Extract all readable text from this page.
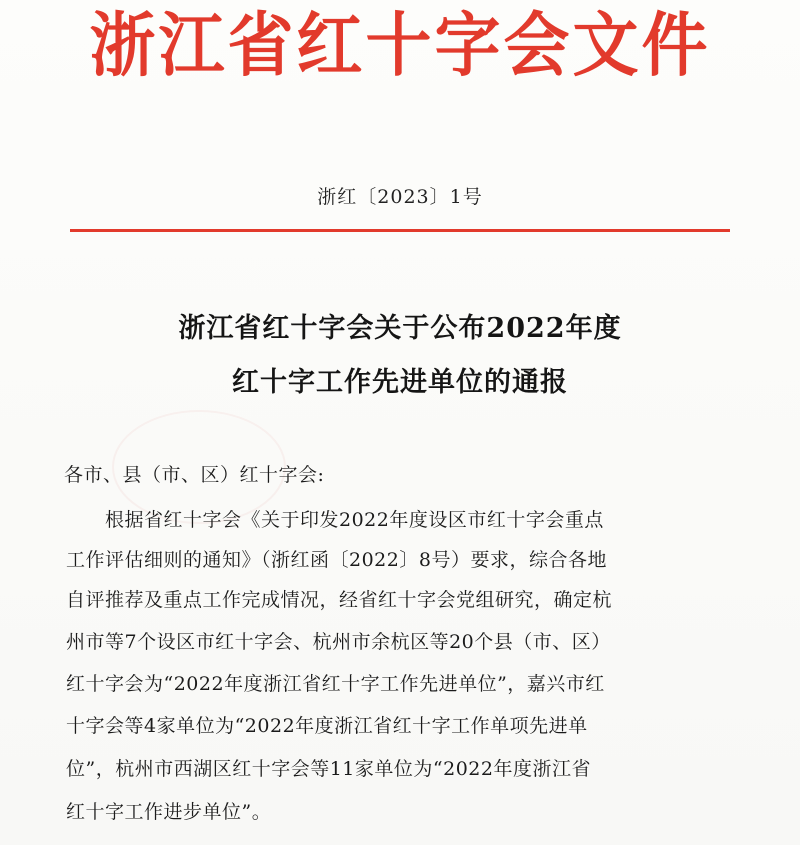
浙江省红十字会文件
浙红〔2023〕1号
浙江省红十字会关于公布2022年度
红十字工作先进单位的通报
各市、县（市、区）红十字会:
根据省红十字会《关于印发2022年度设区市红十字会重点
工作评估细则的通知》（浙红函〔2022〕8号）要求，综合各地
自评推荐及重点工作完成情况，经省红十字会党组研究，确定杭
州市等7个设区市红十字会、杭州市余杭区等20个县（市、区）
红十字会为“2022年度浙江省红十字工作先进单位”，嘉兴市红
十字会等4家单位为“2022年度浙江省红十字工作单项先进单
位”，杭州市西湖区红十字会等11家单位为“2022年度浙江省
红十字工作进步单位”。
